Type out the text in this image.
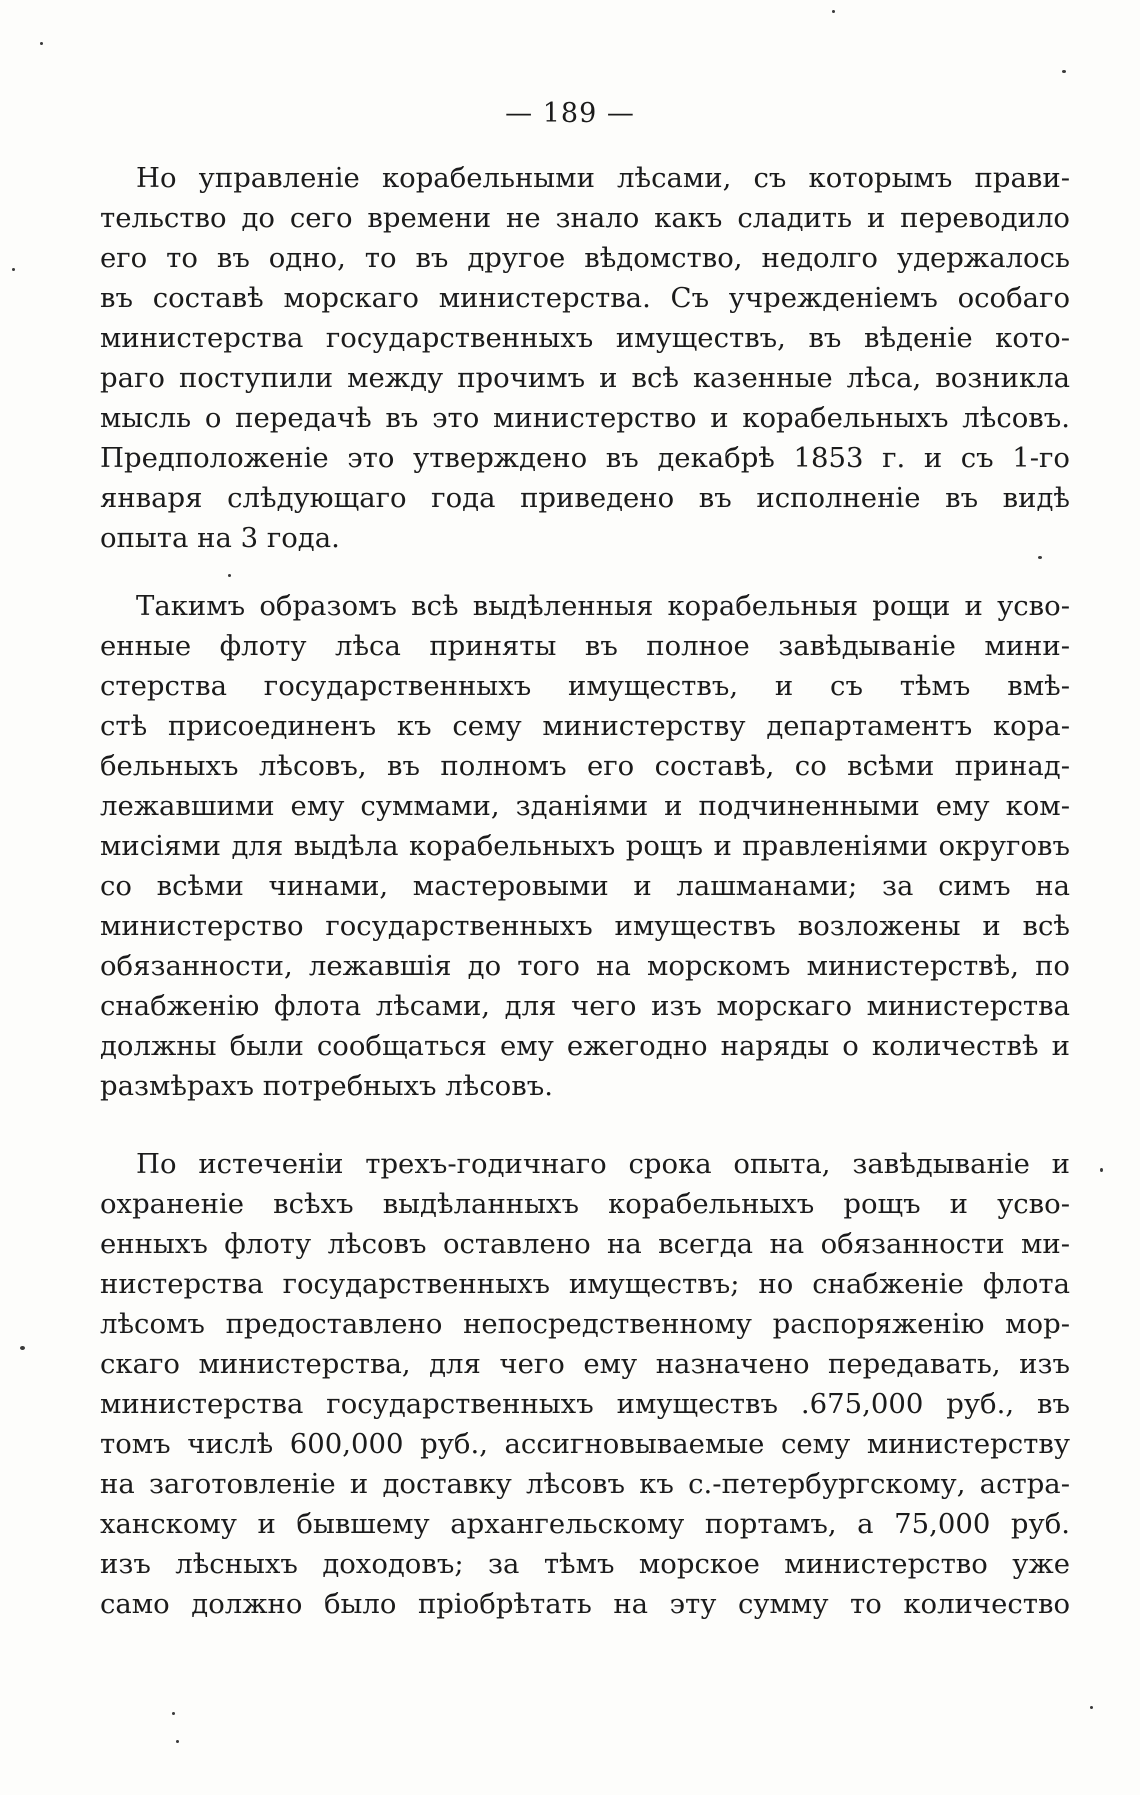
— 189 —
Но управленіе корабельными лѣсами, съ которымъ прави-
тельство до сего времени не знало какъ сладить и переводило
его то въ одно, то въ другое вѣдомство, недолго удержалось
въ составѣ морскаго министерства. Съ учрежденіемъ особаго
министерства государственныхъ имуществъ, въ вѣденіе кото-
раго поступили между прочимъ и всѣ казенные лѣса, возникла
мысль о передачѣ въ это министерство и корабельныхъ лѣсовъ.
Предположеніе это утверждено въ декабрѣ 1853 г. и съ 1-го
января слѣдующаго года приведено въ исполненіе въ видѣ
опыта на 3 года.
Такимъ образомъ всѣ выдѣленныя корабельныя рощи и усво-
енные флоту лѣса приняты въ полное завѣдываніе мини-
стерства государственныхъ имуществъ, и съ тѣмъ вмѣ-
стѣ присоединенъ къ сему министерству департаментъ кора-
бельныхъ лѣсовъ, въ полномъ его составѣ, со всѣми принад-
лежавшими ему суммами, зданіями и подчиненными ему ком-
мисіями для выдѣла корабельныхъ рощъ и правленіями округовъ
со всѣми чинами, мастеровыми и лашманами; за симъ на
министерство государственныхъ имуществъ возложены и всѣ
обязанности, лежавшія до того на морскомъ министерствѣ, по
снабженію флота лѣсами, для чего изъ морскаго министерства
должны были сообщаться ему ежегодно наряды о количествѣ и
размѣрахъ потребныхъ лѣсовъ.
По истеченіи трехъ-годичнаго срока опыта, завѣдываніе и
охраненіе всѣхъ выдѣланныхъ корабельныхъ рощъ и усво-
енныхъ флоту лѣсовъ оставлено на всегда на обязанности ми-
нистерства государственныхъ имуществъ; но снабженіе флота
лѣсомъ предоставлено непосредственному распоряженію мор-
скаго министерства, для чего ему назначено передавать, изъ
министерства государственныхъ имуществъ .675,000 руб., въ
томъ числѣ 600,000 руб., ассигновываемые сему министерству
на заготовленіе и доставку лѣсовъ къ с.-петербургскому, астра-
ханскому и бывшему архангельскому портамъ, а 75,000 руб.
изъ лѣсныхъ доходовъ; за тѣмъ морское министерство уже
само должно было пріобрѣтать на эту сумму то количество
